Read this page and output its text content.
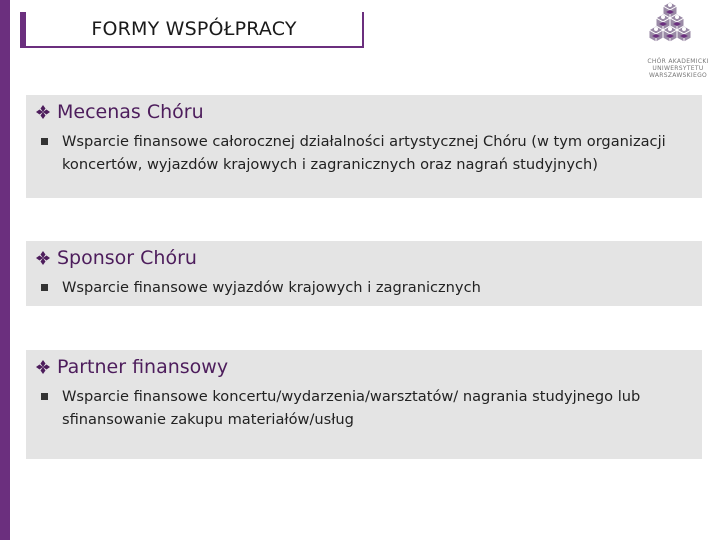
FORMY WSPÓŁPRACY
CHÓR AKADEMICKI
UNIWERSYTETU
WARSZAWSKIEGO
Mecenas Chóru
Wsparcie finansowe całorocznej działalności artystycznej Chóru (w tym organizacji koncertów, wyjazdów krajowych i zagranicznych oraz nagrań studyjnych)
Sponsor Chóru
Wsparcie finansowe wyjazdów krajowych i zagranicznych
Partner finansowy
Wsparcie finansowe koncertu/wydarzenia/warsztatów/ nagrania studyjnego lub sfinansowanie zakupu materiałów/usług
